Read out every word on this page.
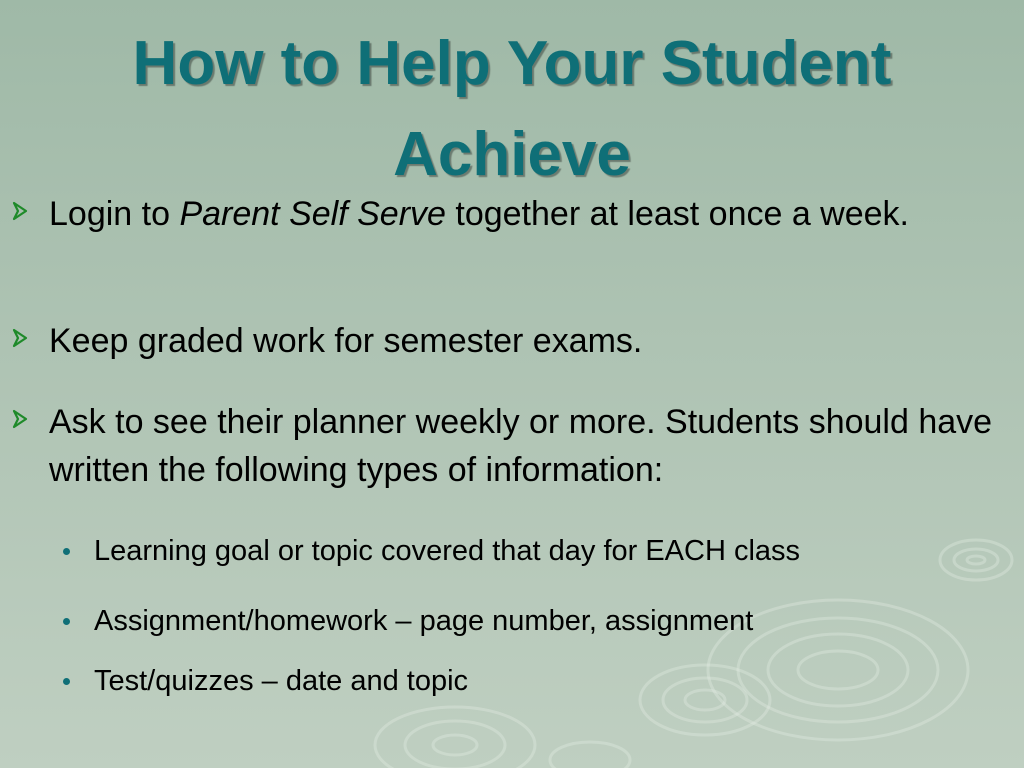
How to Help Your Student
Achieve
Login to Parent Self Serve together at least once a week.
Keep graded work for semester exams.
Ask to see their planner weekly or more. Students should have written the following types of information:
Learning goal or topic covered that day for EACH class
Assignment/homework – page number, assignment
Test/quizzes – date and topic
